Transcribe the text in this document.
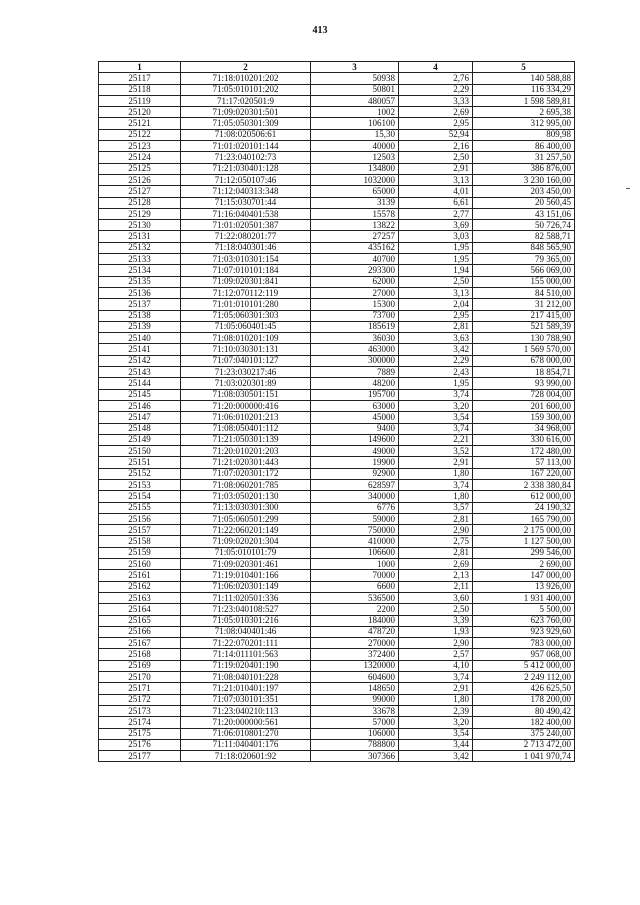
413
1	2	3	4	5
25117	71:18:010201:202	50938	2,76	140 588,88
25118	71:05:010101:202	50801	2,29	116 334,29
25119	71:17:020501:9	480057	3,33	1 598 589,81
25120	71:09:020301:501	1002	2,69	2 695,38
25121	71:05:050301:309	106100	2,95	312 995,00
25122	71:08:020506:61	15,30	52,94	809,98
25123	71:01:020101:144	40000	2,16	86 400,00
25124	71:23:040102:73	12503	2,50	31 257,50
25125	71:21:030401:128	134800	2,91	386 876,00
25126	71:12:050107:46	1032000	3,13	3 230 160,00
25127	71:12:040313:348	65000	4,01	203 450,00
25128	71:15:030701:44	3139	6,61	20 560,45
25129	71:16:040401:538	15578	2,77	43 151,06
25130	71:01:020501:387	13822	3,69	50 726,74
25131	71:22:080201:77	27257	3,03	82 588,71
25132	71:18:040301:46	435162	1,95	848 565,90
25133	71:03:010301:154	40700	1,95	79 365,00
25134	71:07:010101:184	293300	1,94	566 069,00
25135	71:09:020301:841	62000	2,50	155 000,00
25136	71:12:070112:119	27000	3,13	84 510,00
25137	71:01:010101:280	15300	2,04	31 212,00
25138	71:05:060301:303	73700	2,95	217 415,00
25139	71:05:060401:45	185619	2,81	521 589,39
25140	71:08:010201:109	36030	3,63	130 788,90
25141	71:10:030301:131	463000	3,42	1 569 570,00
25142	71:07:040101:127	300000	2,29	678 000,00
25143	71:23:030217:46	7889	2,43	18 854,71
25144	71:03:020301:89	48200	1,95	93 990,00
25145	71:08:030501:151	195700	3,74	728 004,00
25146	71:20:000000:416	63000	3,20	201 600,00
25147	71:06:010201:213	45000	3,54	159 300,00
25148	71:08:050401:112	9400	3,74	34 968,00
25149	71:21:050301:139	149600	2,21	330 616,00
25150	71:20:010201:203	49000	3,52	172 480,00
25151	71:21:020301:443	19900	2,91	57 113,00
25152	71:07:020301:172	92900	1,80	167 220,00
25153	71:08:060201:785	628597	3,74	2 338 380,84
25154	71:03:050201:130	340000	1,80	612 000,00
25155	71:13:030301:300	6776	3,57	24 190,32
25156	71:05:060501:299	59000	2,81	165 790,00
25157	71:22:060201:149	750000	2,90	2 175 000,00
25158	71:09:020201:304	410000	2,75	1 127 500,00
25159	71:05:010101:79	106600	2,81	299 546,00
25160	71:09:020301:461	1000	2,69	2 690,00
25161	71:19:010401:166	70000	2,13	147 000,00
25162	71:06:020301:149	6600	2,11	13 926,00
25163	71:11:020501:336	536500	3,60	1 931 400,00
25164	71:23:040108:527	2200	2,50	5 500,00
25165	71:05:010301:216	184000	3,39	623 760,00
25166	71:08:040401:46	478720	1,93	923 929,60
25167	71:22:070201:111	270000	2,90	783 000,00
25168	71:14:011101:563	372400	2,57	957 068,00
25169	71:19:020401:190	1320000	4,10	5 412 000,00
25170	71:08:040101:228	604600	3,74	2 249 112,00
25171	71:21:010401:197	148650	2,91	426 625,50
25172	71:07:030101:351	99000	1,80	178 200,00
25173	71:23:040210:113	33678	2,39	80 490,42
25174	71:20:000000:561	57000	3,20	182 400,00
25175	71:06:010801:270	106000	3,54	375 240,00
25176	71:11:040401:176	788800	3,44	2 713 472,00
25177	71:18:020601:92	307366	3,42	1 041 970,74
